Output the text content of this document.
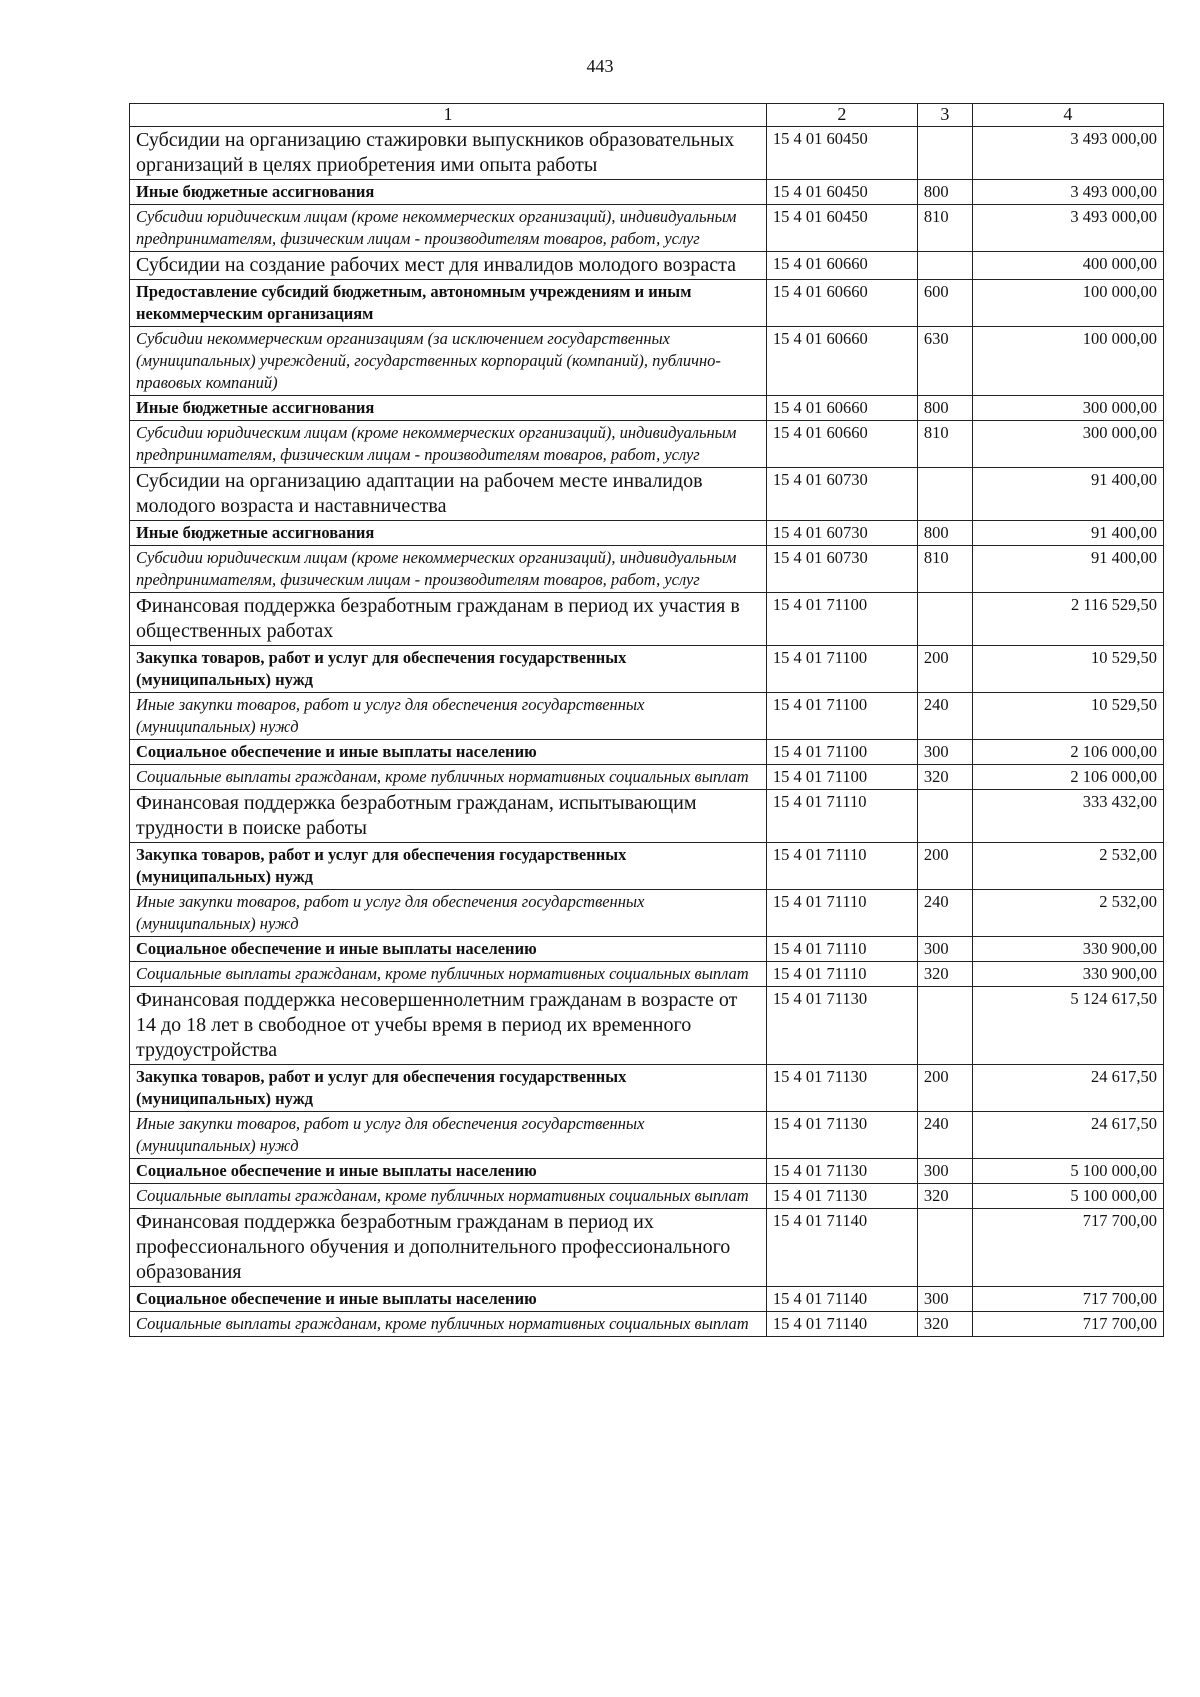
443
1	2	3	4
Субсидии на организацию стажировки выпускников образовательных организаций в целях приобретения ими опыта работы	15 4 01 60450		3 493 000,00
Иные бюджетные ассигнования	15 4 01 60450	800	3 493 000,00
Субсидии юридическим лицам (кроме некоммерческих организаций), индивидуальным предпринимателям, физическим лицам - производителям товаров, работ, услуг	15 4 01 60450	810	3 493 000,00
Субсидии на создание рабочих мест для инвалидов молодого возраста	15 4 01 60660		400 000,00
Предоставление субсидий бюджетным, автономным учреждениям и иным некоммерческим организациям	15 4 01 60660	600	100 000,00
Субсидии некоммерческим организациям (за исключением государственных (муниципальных) учреждений, государственных корпораций (компаний), публично-правовых компаний)	15 4 01 60660	630	100 000,00
Иные бюджетные ассигнования	15 4 01 60660	800	300 000,00
Субсидии юридическим лицам (кроме некоммерческих организаций), индивидуальным предпринимателям, физическим лицам - производителям товаров, работ, услуг	15 4 01 60660	810	300 000,00
Субсидии на организацию адаптации на рабочем месте инвалидов молодого возраста и наставничества	15 4 01 60730		91 400,00
Иные бюджетные ассигнования	15 4 01 60730	800	91 400,00
Субсидии юридическим лицам (кроме некоммерческих организаций), индивидуальным предпринимателям, физическим лицам - производителям товаров, работ, услуг	15 4 01 60730	810	91 400,00
Финансовая поддержка безработным гражданам в период их участия в общественных работах	15 4 01 71100		2 116 529,50
Закупка товаров, работ и услуг для обеспечения государственных (муниципальных) нужд	15 4 01 71100	200	10 529,50
Иные закупки товаров, работ и услуг для обеспечения государственных (муниципальных) нужд	15 4 01 71100	240	10 529,50
Социальное обеспечение и иные выплаты населению	15 4 01 71100	300	2 106 000,00
Социальные выплаты гражданам, кроме публичных нормативных социальных выплат	15 4 01 71100	320	2 106 000,00
Финансовая поддержка безработным гражданам, испытывающим трудности в поиске работы	15 4 01 71110		333 432,00
Закупка товаров, работ и услуг для обеспечения государственных (муниципальных) нужд	15 4 01 71110	200	2 532,00
Иные закупки товаров, работ и услуг для обеспечения государственных (муниципальных) нужд	15 4 01 71110	240	2 532,00
Социальное обеспечение и иные выплаты населению	15 4 01 71110	300	330 900,00
Социальные выплаты гражданам, кроме публичных нормативных социальных выплат	15 4 01 71110	320	330 900,00
Финансовая поддержка несовершеннолетним гражданам в возрасте от 14 до 18 лет в свободное от учебы время в период их временного трудоустройства	15 4 01 71130		5 124 617,50
Закупка товаров, работ и услуг для обеспечения государственных (муниципальных) нужд	15 4 01 71130	200	24 617,50
Иные закупки товаров, работ и услуг для обеспечения государственных (муниципальных) нужд	15 4 01 71130	240	24 617,50
Социальное обеспечение и иные выплаты населению	15 4 01 71130	300	5 100 000,00
Социальные выплаты гражданам, кроме публичных нормативных социальных выплат	15 4 01 71130	320	5 100 000,00
Финансовая поддержка безработным гражданам в период их профессионального обучения и дополнительного профессионального образования	15 4 01 71140		717 700,00
Социальное обеспечение и иные выплаты населению	15 4 01 71140	300	717 700,00
Социальные выплаты гражданам, кроме публичных нормативных социальных выплат	15 4 01 71140	320	717 700,00
